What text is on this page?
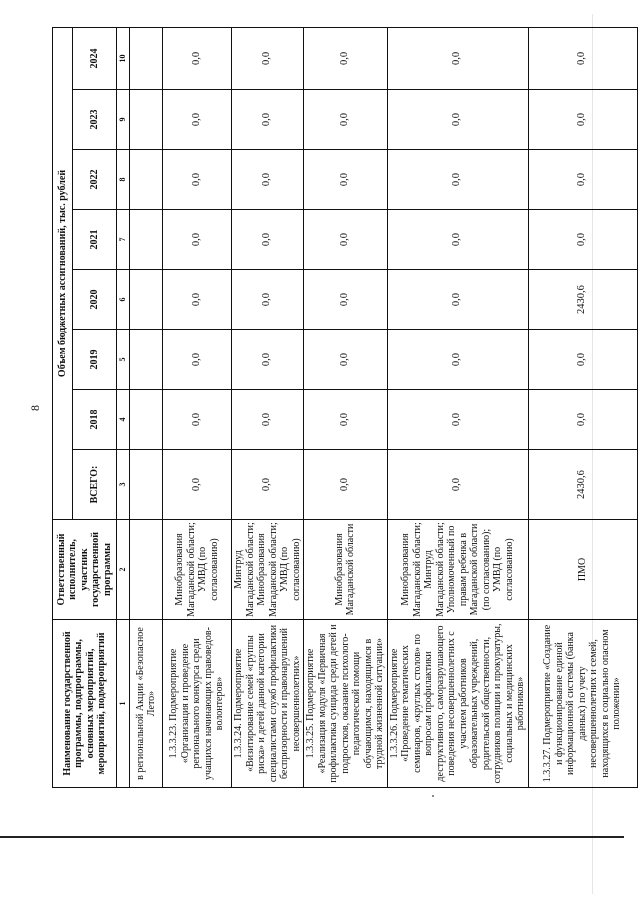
8
Наименование государственной программы, подпрограммы, основных мероприятий, мероприятий, подмероприятий	Ответственный исполнитель, участник государственной программы	Объем бюджетных ассигнований, тыс. рублей							
		ВСЕГО:	2018	2019	2020	2021	2022	2023	2024
1	2	3	4	5	6	7	8	9	10
в региональной Акции «Безопасное Лето»									
1.3.3.23. Подмероприятие «Организация и проведение регионального конкурса среди учащихся начинающих правоведов-волонтеров»	Минобразования Магаданской области; УМВД (по согласованию)	0,0	0,0	0,0	0,0	0,0	0,0	0,0	0,0
1.3.3.24. Подмероприятие «Визитирование семей «группы риска» и детей данной категории специалистами служб профилактики беспризорности и правонарушений несовершеннолетних»	Минтруд Магаданской области; Минобразования Магаданской области; УМВД (по согласованию)	0,0	0,0	0,0	0,0	0,0	0,0	0,0	0,0
1.3.3.25. Подмероприятие «Реализация модуля «Первичная профилактика суицида среди детей и подростков, оказание психолого-педагогической помощи обучающимся, находящимся в трудной жизненной ситуации»	Минобразования Магаданской области	0,0	0,0	0,0	0,0	0,0	0,0	0,0	0,0
1.3.3.26. Подмероприятие «Проведение тематических семинаров, «круглых столов» по вопросам профилактики деструктивного, саморазрушающего поведения несовершеннолетних с участием работников образовательных учреждений, родительской общественности, сотрудников полиции и прокуратуры, социальных и медицинских работников»	Минобразования Магаданской области; Минтруд Магаданской области; Уполномоченный по правам ребенка в Магаданской области (по согласованию); УМВД (по согласованию)	0,0	0,0	0,0	0,0	0,0	0,0	0,0	0,0
1.3.3.27. Подмероприятие «Создание и функционирование единой информационной системы (банка данных) по учету несовершеннолетних и семей, находящихся в социально опасном положении»	ПМО	2430,6	0,0	0,0	2430,6	0,0	0,0	0,0	0,0
